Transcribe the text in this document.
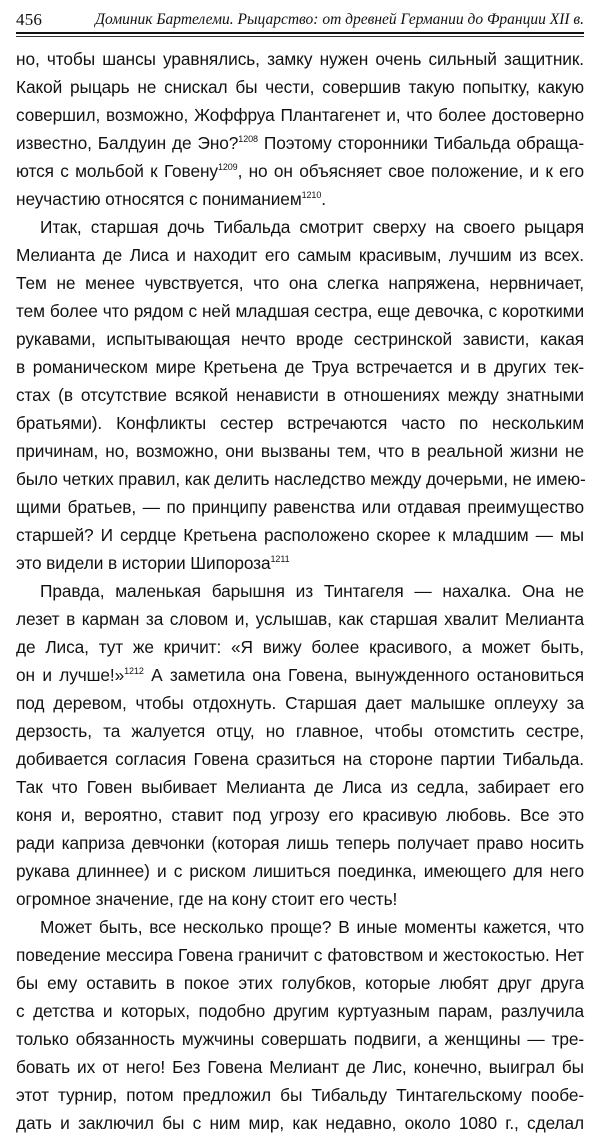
456	Доминик Бартелеми. Рыцарство: от древней Германии до Франции XII в.
но, чтобы шансы уравнялись, замку нужен очень сильный защитник.
Какой рыцарь не снискал бы чести, совершив такую попытку, какую
совершил, возможно, Жоффруа Плантагенет и, что более достоверно
известно, Балдуин де Эно?$^{1208}$ Поэтому сторонники Тибальда обраща-
ются с мольбой к Говену$^{1209}$, но он объясняет свое положение, и к его
неучастию относятся с пониманием$^{1210}$.
Итак, старшая дочь Тибальда смотрит сверху на своего рыцаря
Мелианта де Лиса и находит его самым красивым, лучшим из всех.
Тем не менее чувствуется, что она слегка напряжена, нервничает,
тем более что рядом с ней младшая сестра, еще девочка, с короткими
рукавами, испытывающая нечто вроде сестринской зависти, какая
в романическом мире Кретьена де Труа встречается и в других тек-
стах (в отсутствие всякой ненависти в отношениях между знатными
братьями). Конфликты сестер встречаются часто по нескольким
причинам, но, возможно, они вызваны тем, что в реальной жизни не
было четких правил, как делить наследство между дочерьми, не имею-
щими братьев, — по принципу равенства или отдавая преимущество
старшей? И сердце Кретьена расположено скорее к младшим — мы
это видели в истории Шипороза$^{1211}$
Правда, маленькая барышня из Тинтагеля — нахалка. Она не
лезет в карман за словом и, услышав, как старшая хвалит Мелианта
де Лиса, тут же кричит: «Я вижу более красивого, а может быть,
он и лучше!»$^{1212}$ А заметила она Говена, вынужденного остановиться
под деревом, чтобы отдохнуть. Старшая дает малышке оплеуху за
дерзость, та жалуется отцу, но главное, чтобы отомстить сестре,
добивается согласия Говена сразиться на стороне партии Тибальда.
Так что Говен выбивает Мелианта де Лиса из седла, забирает его
коня и, вероятно, ставит под угрозу его красивую любовь. Все это
ради каприза девчонки (которая лишь теперь получает право носить
рукава длиннее) и с риском лишиться поединка, имеющего для него
огромное значение, где на кону стоит его честь!
Может быть, все несколько проще? В иные моменты кажется, что
поведение мессира Говена граничит с фатовством и жестокостью. Нет
бы ему оставить в покое этих голубков, которые любят друг друга
с детства и которых, подобно другим куртуазным парам, разлучила
только обязанность мужчины совершать подвиги, а женщины — тре-
бовать их от него! Без Говена Мелиант де Лис, конечно, выиграл бы
этот турнир, потом предложил бы Тибальду Тинтагельскому пообе-
дать и заключил бы с ним мир, как недавно, около 1080 г., сделал
